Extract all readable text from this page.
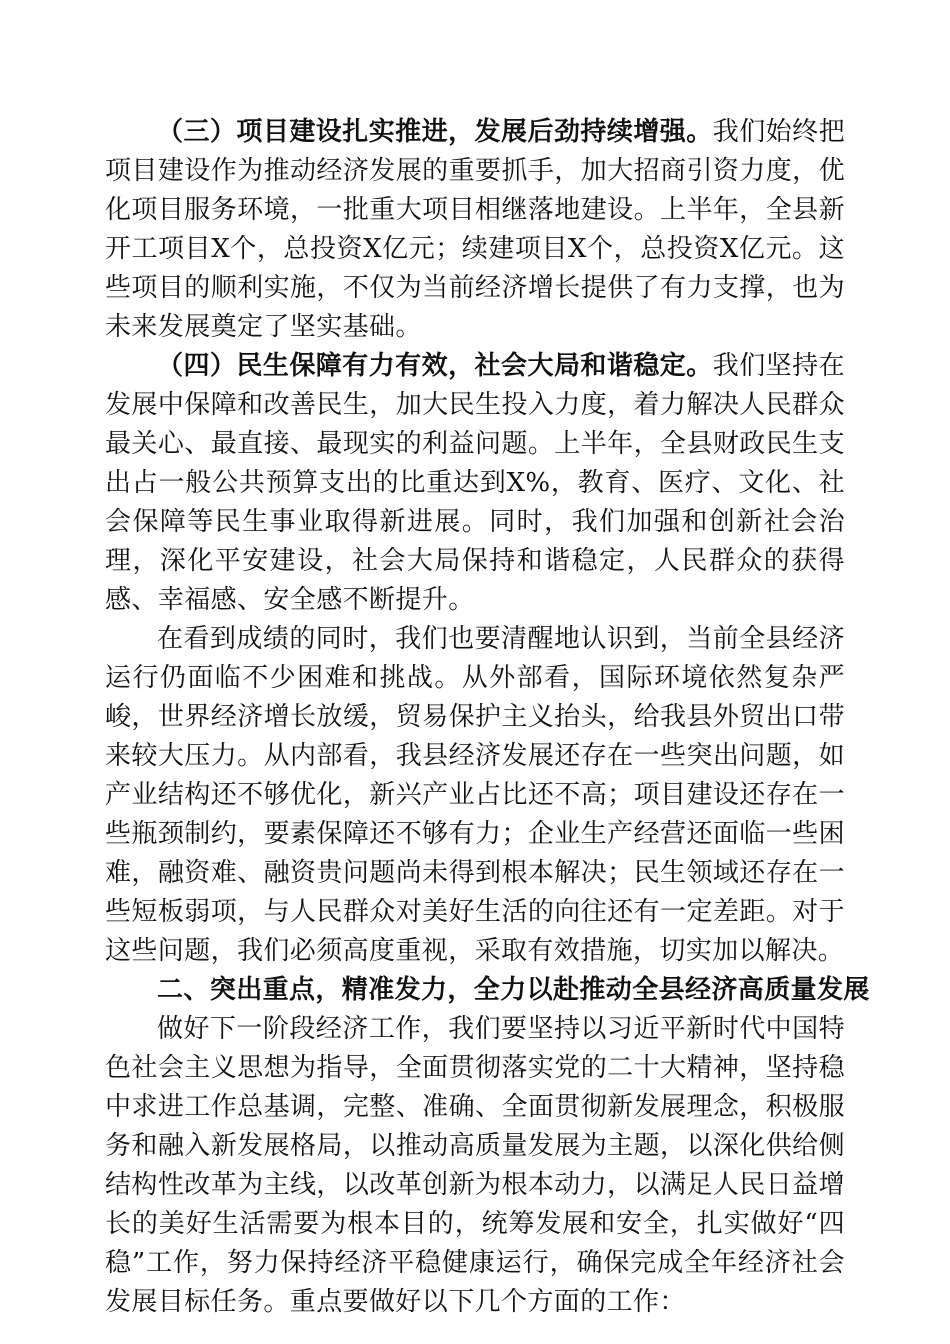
（三）项目建设扎实推进，发展后劲持续增强。我们始终把项目建设作为推动经济发展的重要抓手，加大招商引资力度，优化项目服务环境，一批重大项目相继落地建设。上半年，全县新开工项目X个，总投资X亿元；续建项目X个，总投资X亿元。这些项目的顺利实施，不仅为当前经济增长提供了有力支撑，也为未来发展奠定了坚实基础。

（四）民生保障有力有效，社会大局和谐稳定。我们坚持在发展中保障和改善民生，加大民生投入力度，着力解决人民群众最关心、最直接、最现实的利益问题。上半年，全县财政民生支出占一般公共预算支出的比重达到X%，教育、医疗、文化、社会保障等民生事业取得新进展。同时，我们加强和创新社会治理，深化平安建设，社会大局保持和谐稳定，人民群众的获得感、幸福感、安全感不断提升。

在看到成绩的同时，我们也要清醒地认识到，当前全县经济运行仍面临不少困难和挑战。从外部看，国际环境依然复杂严峻，世界经济增长放缓，贸易保护主义抬头，给我县外贸出口带来较大压力。从内部看，我县经济发展还存在一些突出问题，如产业结构还不够优化，新兴产业占比还不高；项目建设还存在一些瓶颈制约，要素保障还不够有力；企业生产经营还面临一些困难，融资难、融资贵问题尚未得到根本解决；民生领域还存在一些短板弱项，与人民群众对美好生活的向往还有一定差距。对于这些问题，我们必须高度重视，采取有效措施，切实加以解决。

二、突出重点，精准发力，全力以赴推动全县经济高质量发展

做好下一阶段经济工作，我们要坚持以习近平新时代中国特色社会主义思想为指导，全面贯彻落实党的二十大精神，坚持稳中求进工作总基调，完整、准确、全面贯彻新发展理念，积极服务和融入新发展格局，以推动高质量发展为主题，以深化供给侧结构性改革为主线，以改革创新为根本动力，以满足人民日益增长的美好生活需要为根本目的，统筹发展和安全，扎实做好“四稳”工作，努力保持经济平稳健康运行，确保完成全年经济社会发展目标任务。重点要做好以下几个方面的工作：
